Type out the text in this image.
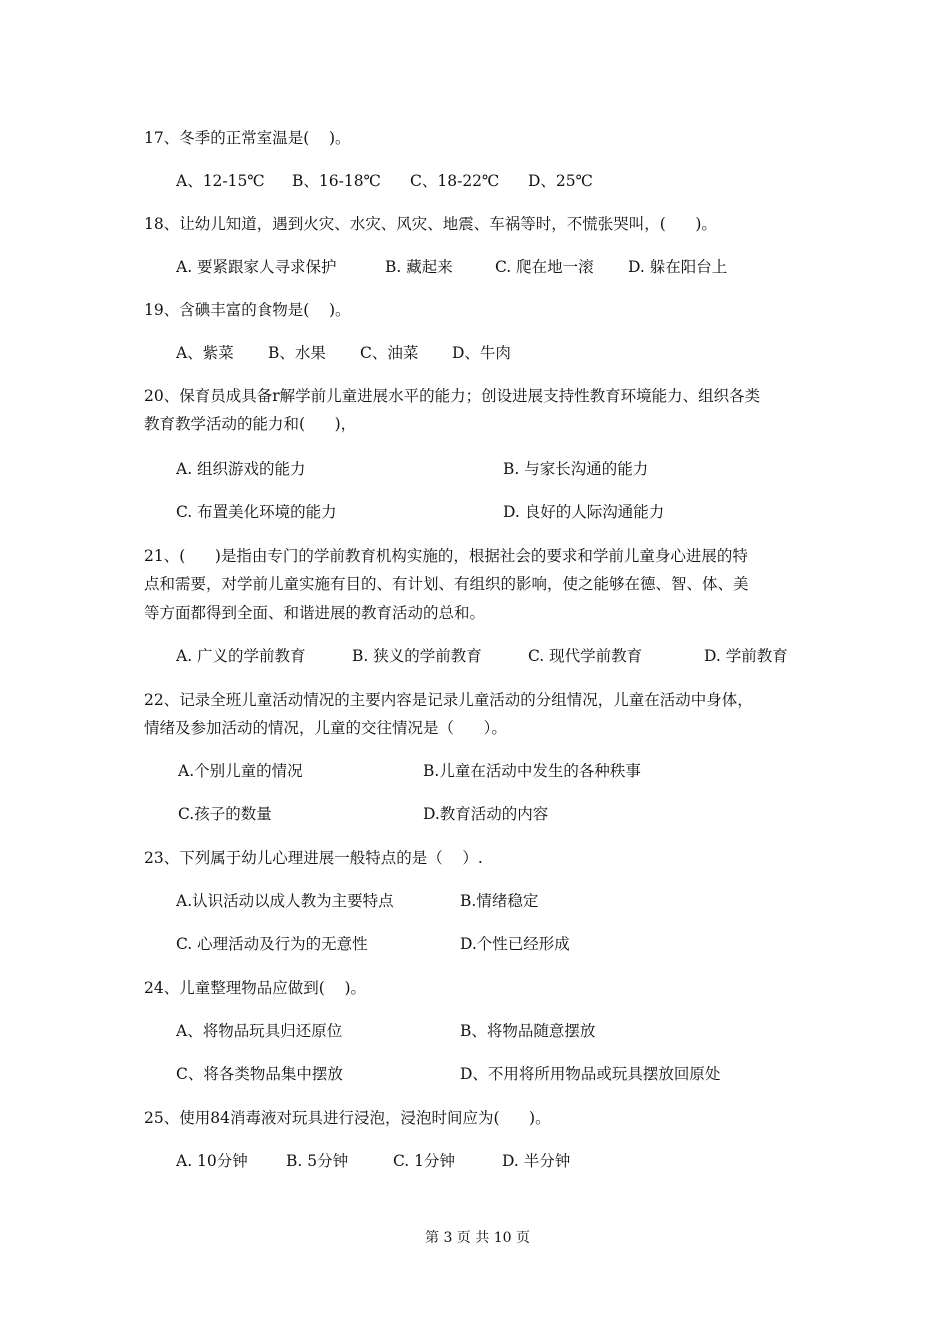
17、冬季的正常室温是(    )。
A、12-15℃ B、16-18℃ C、18-22℃ D、25℃
18、让幼儿知道，遇到火灾、水灾、风灾、地震、车祸等时，不慌张哭叫，(      )。
A. 要紧跟家人寻求保护	B. 藏起来	C. 爬在地一滚 D. 躲在阳台上
19、含碘丰富的食物是(    )。
A、紫菜 B、水果 C、油菜 D、牛肉
20、保育员成具备r解学前儿童进展水平的能力；创设进展支持性教育环境能力、组织各类
教育教学活动的能力和(      )，
A. 组织游戏的能力	B. 与家长沟通的能力
C. 布置美化环境的能力	D. 良好的人际沟通能力
21、(      )是指由专门的学前教育机构实施的，根据社会的要求和学前儿童身心进展的特
点和需要，对学前儿童实施有目的、有计划、有组织的影响，使之能够在德、智、体、美
等方面都得到全面、和谐进展的教育活动的总和。
A. 广义的学前教育	B. 狭义的学前教育	C. 现代学前教育	D. 学前教育
22、记录全班儿童活动情况的主要内容是记录儿童活动的分组情况，儿童在活动中身体，
情绪及参加活动的情况，儿童的交往情况是（      ）。
A.个别儿童的情况	B.儿童在活动中发生的各种秩事
C.孩子的数量	D.教育活动的内容
23、下列属于幼儿心理进展一般特点的是（    ）.
A.认识活动以成人教为主要特点	B.情绪稳定
C. 心理活动及行为的无意性	D.个性已经形成
24、儿童整理物品应做到(    )。
A、将物品玩具归还原位	B、将物品随意摆放
C、将各类物品集中摆放	D、不用将所用物品或玩具摆放回原处
25、使用84消毒液对玩具进行浸泡，浸泡时间应为(      )。
A. 10分钟 B. 5分钟	C. 1分钟	D. 半分钟
第 3 页 共 10 页
